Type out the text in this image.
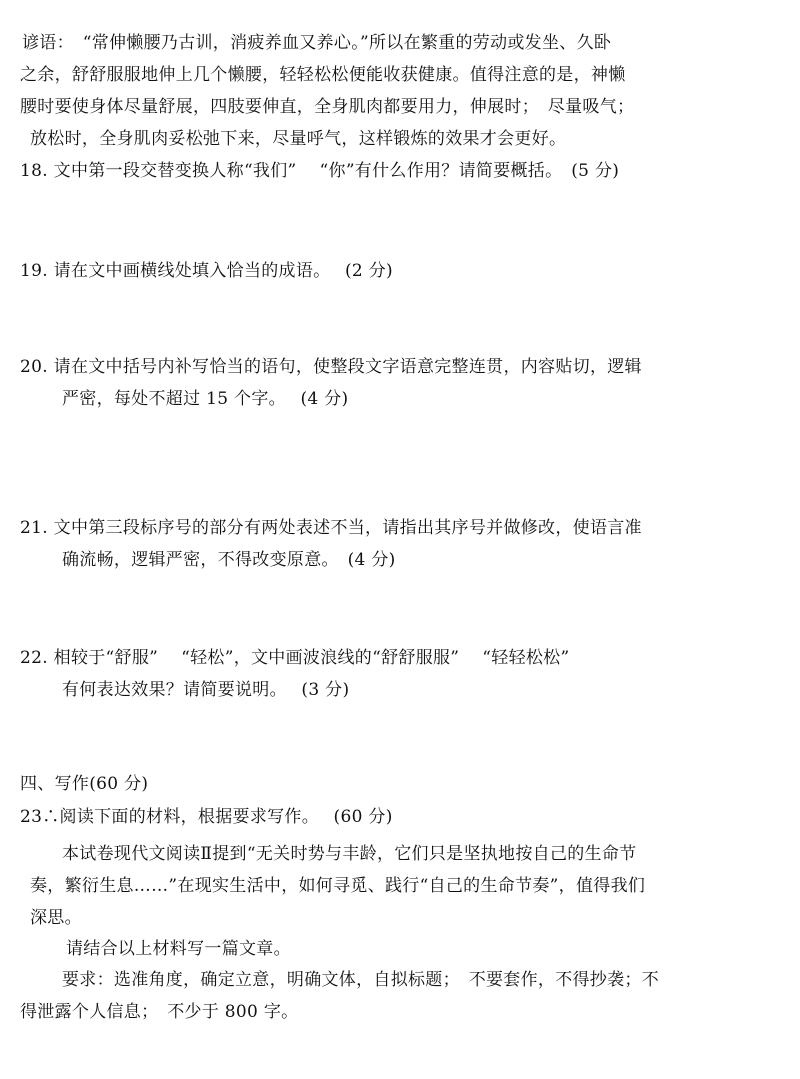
谚语：　“常伸懒腰乃古训，消疲养血又养心。”所以在繁重的劳动或发坐、久卧
之余，舒舒服服地伸上几个懒腰，轻轻松松便能收获健康。值得注意的是，神懒
腰时要使身体尽量舒展，四肢要伸直，全身肌肉都要用力，伸展时；　尽量吸气；
放松时，全身肌肉妥松弛下来，尽量呼气，这样锻炼的效果才会更好。
18. 文中第一段交替变换人称“我们”　 “你”有什么作用？请简要概括。　(5 分)
19. 请在文中画横线处填入恰当的成语。　 (2 分)
20. 请在文中括号内补写恰当的语句，使整段文字语意完整连贯，内容贴切，逻辑
严密，每处不超过 15 个字。　 (4 分)
21. 文中第三段标序号的部分有两处表述不当，请指出其序号并做修改，使语言准
确流畅，逻辑严密，不得改变原意。　(4 分)
22. 相较于“舒服”　 “轻松”，文中画波浪线的“舒舒服服”　 “轻轻松松”
有何表达效果？请简要说明。　 (3 分)
四、写作(60 分)
23∴阅读下面的材料，根据要求写作。　 (60 分)
本试卷现代文阅读Ⅱ提到“无关时势与丰龄，它们只是坚执地按自己的生命节
奏，繁衍生息……”在现实生活中，如何寻觅、践行“自己的生命节奏”，值得我们
深思。
请结合以上材料写一篇文章。
要求：选准角度，确定立意，明确文体，自拟标题；　不要套作，不得抄袭；不
得泄露个人信息；　不少于 800 字。
